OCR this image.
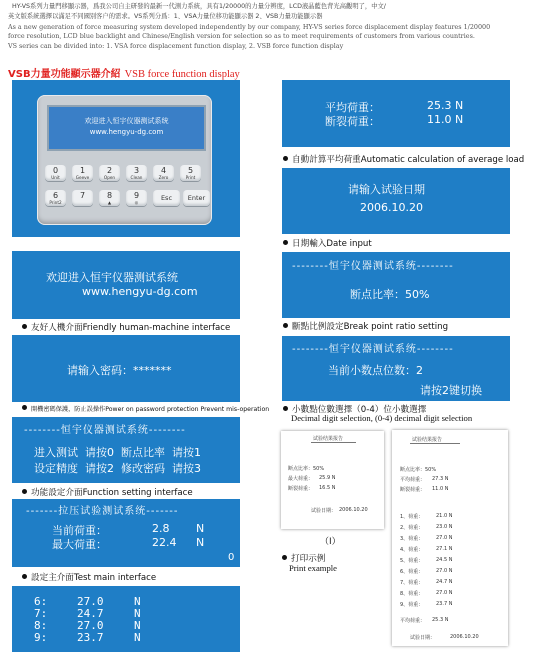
HY-VS系列力量門移顯示器，爲我公司自主研發的最新一代測力系統，具有1/20000的力量分辨度，LCD液晶藍色背光高觀明了，中文/
英文版系統選擇以滿足不同國別客户的需求。VS系列分爲：1、VSA力量位移功能顯示器 2、VSB力量功能顯示器
As a new generation of force measuring system developed independently by our company, HY-VS series force displacement display features 1/20000
force resolution, LCD blue backlight and Chinese/English version for selection so as to meet requirements of customers from various countries.
VS series can be divided into: 1. VSA force displacement function display, 2. VSB force function display
VSB力量功能顯示器介紹 VSB force function display
欢迎进入恒宇仪器测试系统
www.hengyu-dg.com
0
Unit
1
Geeve
2
Open
3
Clean
4
Zero
5
Print
6
Print2
7	8
▲
9
◎
Esc	Enter
欢迎进入恒宇仪器测试系统
www.hengyu-dg.com
友好人機介面Friendly human-machine interface
请输入密码：*******
開機密碼保護，防止誤操作Power on password protection Prevent mis-operation
--------恒宇仪器测试系统--------
进入测试  请按0  断点比率  请按1
设定精度  请按2  修改密码  请按3
功能設定介面Function setting interface
-------拉压试验测试系统-------
当前荷重：	2.8 N
最大荷重：	22.4 N
0
設定主介面Test main interface
6:	27.0	N
7:	24.7	N
8:	27.0	N
9:	23.7	N
平均荷重：	25.3 N
断裂荷重：	11.0 N
自動計算平均荷重Automatic calculation of average load
请输入试验日期
2006.10.20
日期輸入Date input
--------恒宇仪器测试系统--------
断点比率：50%
斷點比例設定Break point ratio setting
--------恒宇仪器测试系统--------
当前小数点位数：2
请按2键切换
小數點位數選擇（0-4）位小數選擇
Decimal digit selection, (0-4) decimal digit selection
试验结果报告
断点比率：50%
最大荷重： 25.9 N
断裂荷重： 16.5 N
试验日期： 2006.10.20
（I）
试验结果报告
断点比率：50%
平均荷重： 27.3 N
断裂荷重： 11.0 N
1、荷重：	21.0 N
2、荷重：	23.0 N
3、荷重：	27.0 N
4、荷重：	27.1 N
5、荷重：	24.5 N
6、荷重：	27.0 N
7、荷重：	24.7 N
8、荷重：	27.0 N
9、荷重：	23.7 N
平均荷重： 25.3 N
试验日期：	2006.10.20
打印示例
Print example
